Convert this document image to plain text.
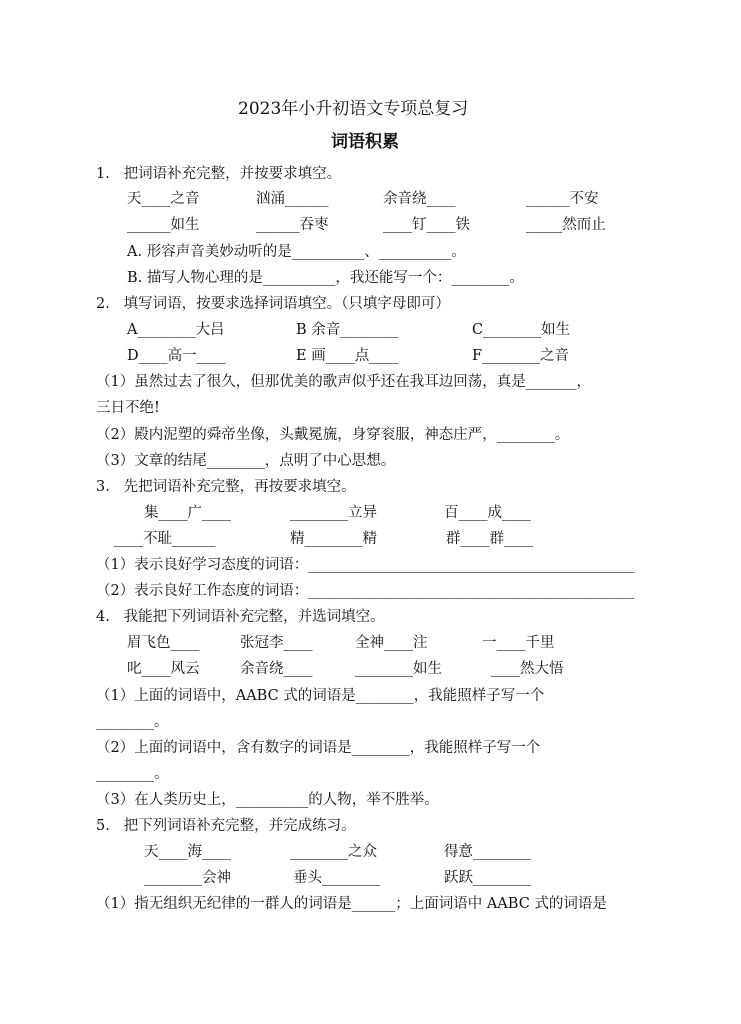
2023年小升初语文专项总复习
词语积累
1.   把词语补充完整，并按要求填空。
天____之音	汹涌______	余音绕____	______不安
______如生	______吞枣	____钉____铁	_____然而止
A. 形容声音美妙动听的是__________、__________。
B. 描写人物心理的是__________，我还能写一个：________。
2.   填写词语，按要求选择词语填空。（只填字母即可）
A________大吕	B 余音________	C________如生
D____高一____	E 画____点____	F________之音
（1）虽然过去了很久，但那优美的歌声似乎还在我耳边回荡，真是_______，
三日不绝!
（2）殿内泥塑的舜帝坐像，头戴冕旒，身穿衮服，神态庄严，________。
（3）文章的结尾________，点明了中心思想。
3.   先把词语补充完整，再按要求填空。
集____广____	________立异	百____成____
____不耻______	精________精	群____群____
（1）表示良好学习态度的词语：_____________________________________________
（2）表示良好工作态度的词语：_____________________________________________
4.   我能把下列词语补充完整，并选词填空。
眉飞色____	张冠李____	全神____注	一____千里
叱____风云	余音绕____	________如生	____然大悟
（1）上面的词语中，AABC 式的词语是________，我能照样子写一个
________。
（2）上面的词语中，含有数字的词语是________，我能照样子写一个
________。
（3）在人类历史上，__________的人物，举不胜举。
5.   把下列词语补充完整，并完成练习。
天____海____	________之众	得意________
________会神	垂头________	跃跃________
（1）指无组织无纪律的一群人的词语是______；上面词语中 AABC 式的词语是
